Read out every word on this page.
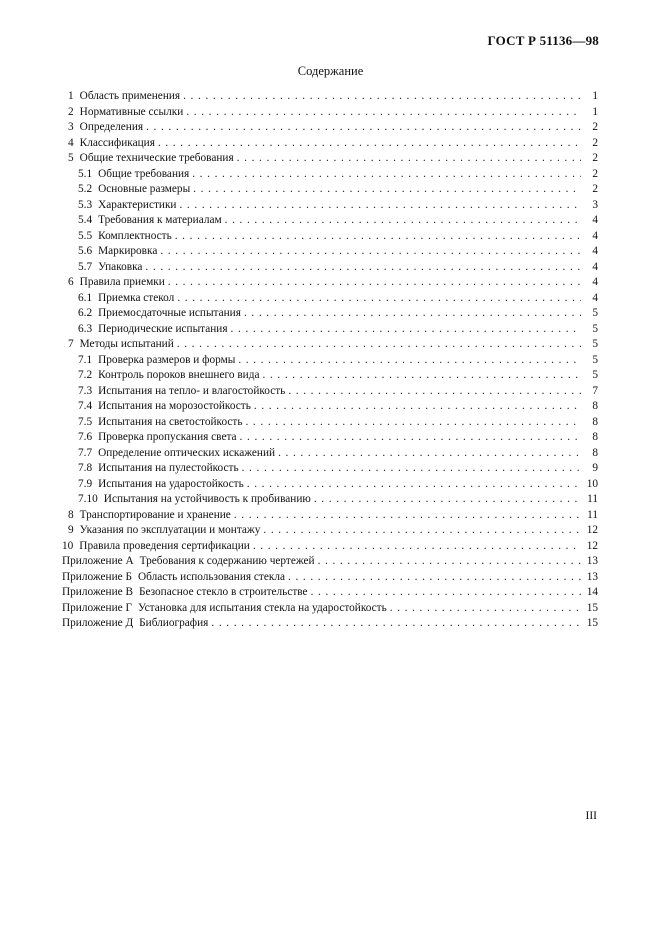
ГОСТ Р 51136—98
Содержание
1 Область применения . . .	1
2 Нормативные ссылки . . .	1
3 Определения . . .	2
4 Классификация . . .	2
5 Общие технические требования . . .	2
5.1 Общие требования . . .	2
5.2 Основные размеры . . .	2
5.3 Характеристики . . .	3
5.4 Требования к материалам . . .	4
5.5 Комплектность . . .	4
5.6 Маркировка . . .	4
5.7 Упаковка . . .	4
6 Правила приемки . . .	4
6.1 Приемка стекол . . .	4
6.2 Приемосдаточные испытания . . .	5
6.3 Периодические испытания . . .	5
7 Методы испытаний . . .	5
7.1 Проверка размеров и формы . . .	5
7.2 Контроль пороков внешнего вида . . .	5
7.3 Испытания на тепло- и влагостойкость . . .	7
7.4 Испытания на морозостойкость . . .	8
7.5 Испытания на светостойкость . . .	8
7.6 Проверка пропускания света . . .	8
7.7 Определение оптических искажений . . .	8
7.8 Испытания на пулестойкость . . .	9
7.9 Испытания на ударостойкость . . .	10
7.10 Испытания на устойчивость к пробиванию . . .	11
8 Транспортирование и хранение . . .	11
9 Указания по эксплуатации и монтажу . . .	12
10 Правила проведения сертификации . . .	12
Приложение А Требования к содержанию чертежей . . .	13
Приложение Б Область использования стекла . . .	13
Приложение В Безопасное стекло в строительстве . . .	14
Приложение Г Установка для испытания стекла на ударостойкость . . .	15
Приложение Д Библиография . . .	15
III
